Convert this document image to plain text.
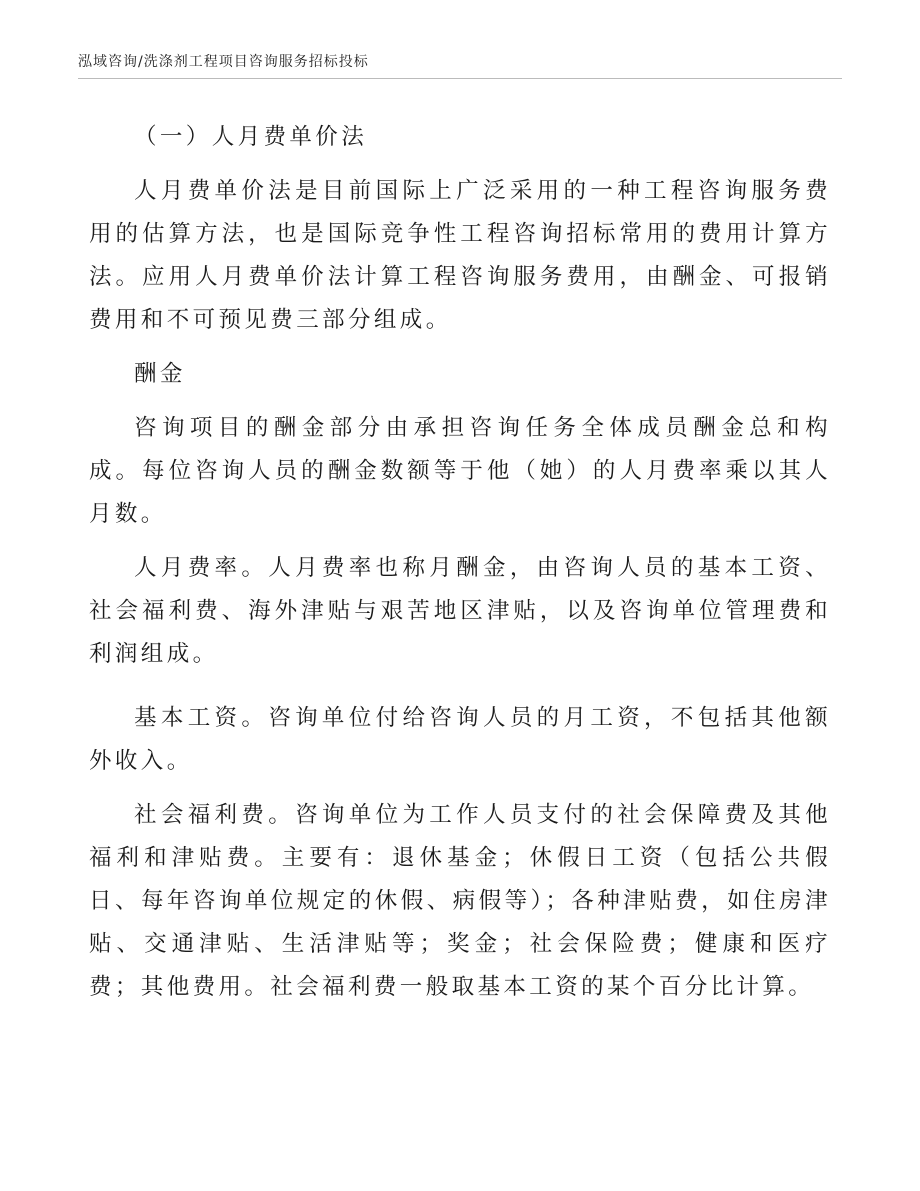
泓域咨询/洗涤剂工程项目咨询服务招标投标

（一）人月费单价法

人月费单价法是目前国际上广泛采用的一种工程咨询服务费用的估算方法，也是国际竞争性工程咨询招标常用的费用计算方法。应用人月费单价法计算工程咨询服务费用，由酬金、可报销费用和不可预见费三部分组成。

酬金

咨询项目的酬金部分由承担咨询任务全体成员酬金总和构成。每位咨询人员的酬金数额等于他（她）的人月费率乘以其人月数。

人月费率。人月费率也称月酬金，由咨询人员的基本工资、社会福利费、海外津贴与艰苦地区津贴，以及咨询单位管理费和利润组成。

基本工资。咨询单位付给咨询人员的月工资，不包括其他额外收入。

社会福利费。咨询单位为工作人员支付的社会保障费及其他福利和津贴费。主要有：退休基金；休假日工资（包括公共假日、每年咨询单位规定的休假、病假等）；各种津贴费，如住房津贴、交通津贴、生活津贴等；奖金；社会保险费；健康和医疗费；其他费用。社会福利费一般取基本工资的某个百分比计算。
